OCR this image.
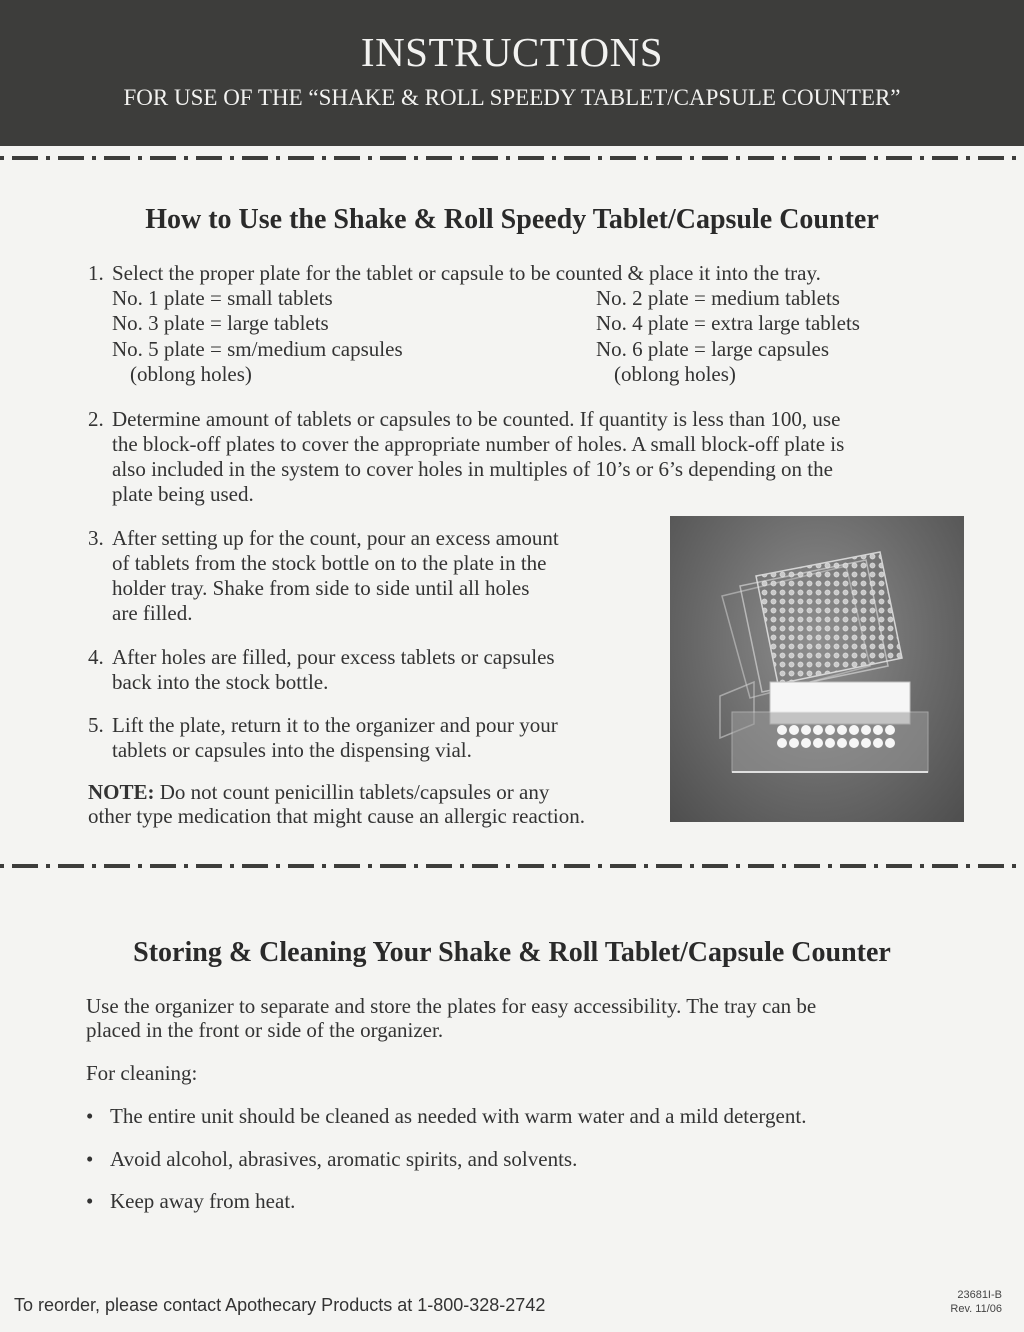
INSTRUCTIONS
FOR USE OF THE “SHAKE & ROLL SPEEDY TABLET/CAPSULE COUNTER”
How to Use the Shake & Roll Speedy Tablet/Capsule Counter
1. Select the proper plate for the tablet or capsule to be counted & place it into the tray.
No. 1 plate = small tablets	No. 2 plate = medium tablets
No. 3 plate = large tablets	No. 4 plate = extra large tablets
No. 5 plate = sm/medium capsules	No. 6 plate = large capsules
(oblong holes)	(oblong holes)
2. Determine amount of tablets or capsules to be counted. If quantity is less than 100, use
the block-off plates to cover the appropriate number of holes. A small block-off plate is
also included in the system to cover holes in multiples of 10’s or 6’s depending on the
plate being used.
3. After setting up for the count, pour an excess amount
of tablets from the stock bottle on to the plate in the
holder tray. Shake from side to side until all holes
are filled.
4. After holes are filled, pour excess tablets or capsules
back into the stock bottle.
5. Lift the plate, return it to the organizer and pour your
tablets or capsules into the dispensing vial.
NOTE: Do not count penicillin tablets/capsules or any
other type medication that might cause an allergic reaction.
Storing & Cleaning Your Shake & Roll Tablet/Capsule Counter
Use the organizer to separate and store the plates for easy accessibility. The tray can be
placed in the front or side of the organizer.
For cleaning:
• The entire unit should be cleaned as needed with warm water and a mild detergent.
• Avoid alcohol, abrasives, aromatic spirits, and solvents.
• Keep away from heat.
To reorder, please contact Apothecary Products at 1-800-328-2742	23681I-B
Rev. 11/06
